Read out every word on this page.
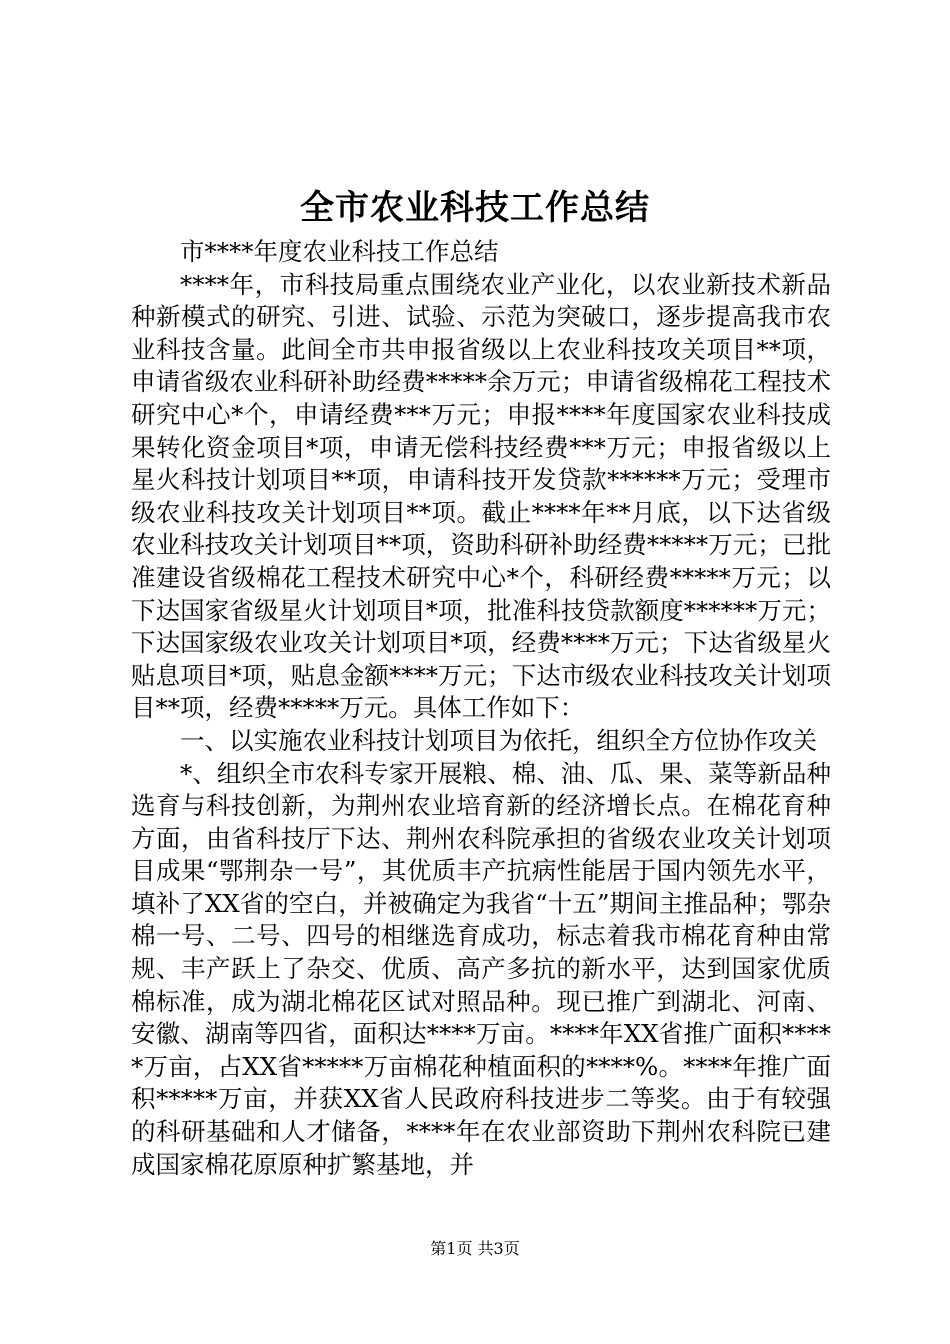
全市农业科技工作总结

市****年度农业科技工作总结

****年，市科技局重点围绕农业产业化，以农业新技术新品种新模式的研究、引进、试验、示范为突破口，逐步提高我市农业科技含量。此间全市共申报省级以上农业科技攻关项目**项，申请省级农业科研补助经费*****余万元；申请省级棉花工程技术研究中心*个，申请经费***万元；申报****年度国家农业科技成果转化资金项目*项，申请无偿科技经费***万元；申报省级以上星火科技计划项目**项，申请科技开发贷款******万元；受理市级农业科技攻关计划项目**项。截止****年**月底，以下达省级农业科技攻关计划项目**项，资助科研补助经费*****万元；已批准建设省级棉花工程技术研究中心*个，科研经费*****万元；以下达国家省级星火计划项目*项，批准科技贷款额度******万元；下达国家级农业攻关计划项目*项，经费****万元；下达省级星火贴息项目*项，贴息金额****万元；下达市级农业科技攻关计划项目**项，经费*****万元。具体工作如下：

一、以实施农业科技计划项目为依托，组织全方位协作攻关

*、组织全市农科专家开展粮、棉、油、瓜、果、菜等新品种选育与科技创新，为荆州农业培育新的经济增长点。在棉花育种方面，由省科技厅下达、荆州农科院承担的省级农业攻关计划项目成果“鄂荆杂一号”，其优质丰产抗病性能居于国内领先水平，填补了XX省的空白，并被确定为我省“十五”期间主推品种；鄂杂棉一号、二号、四号的相继选育成功，标志着我市棉花育种由常规、丰产跃上了杂交、优质、高产多抗的新水平，达到国家优质棉标准，成为湖北棉花区试对照品种。现已推广到湖北、河南、安徽、湖南等四省，面积达****万亩。****年XX省推广面积*****万亩，占XX省*****万亩棉花种植面积的****%。****年推广面积*****万亩，并获XX省人民政府科技进步二等奖。由于有较强的科研基础和人才储备，****年在农业部资助下荆州农科院已建成国家棉花原原种扩繁基地，并

第1页 共3页
